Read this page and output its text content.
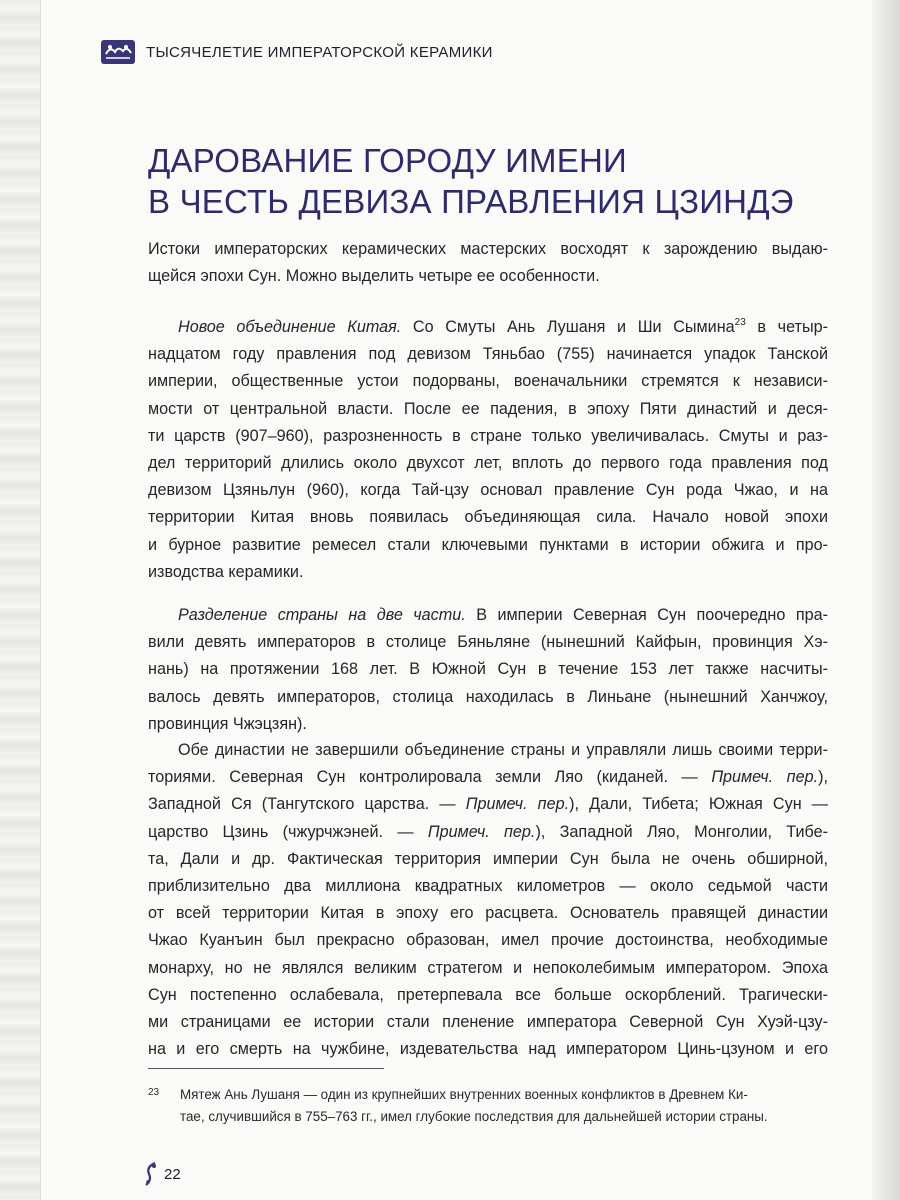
ТЫСЯЧЕЛЕТИЕ ИМПЕРАТОРСКОЙ КЕРАМИКИ
ДАРОВАНИЕ ГОРОДУ ИМЕНИ
В ЧЕСТЬ ДЕВИЗА ПРАВЛЕНИЯ ЦЗИНДЭ
Истоки императорских керамических мастерских восходят к зарождению выдаю-
щейся эпохи Сун. Можно выделить четыре ее особенности.
Новое объединение Китая. Со Смуты Ань Лушаня и Ши Сымина$^{23}$ в четыр-
надцатом году правления под девизом Тяньбао (755) начинается упадок Танской
империи, общественные устои подорваны, военачальники стремятся к независи-
мости от центральной власти. После ее падения, в эпоху Пяти династий и деся-
ти царств (907–960), разрозненность в стране только увеличивалась. Смуты и раз-
дел территорий длились около двухсот лет, вплоть до первого года правления под
девизом Цзяньлун (960), когда Тай-цзу основал правление Сун рода Чжао, и на
территории Китая вновь появилась объединяющая сила. Начало новой эпохи
и бурное развитие ремесел стали ключевыми пунктами в истории обжига и про-
изводства керамики.
Разделение страны на две части. В империи Северная Сун поочередно пра-
вили девять императоров в столице Бяньляне (нынешний Кайфын, провинция Хэ-
нань) на протяжении 168 лет. В Южной Сун в течение 153 лет также насчиты-
валось девять императоров, столица находилась в Линьане (нынешний Ханчжоу,
провинция Чжэцзян).
Обе династии не завершили объединение страны и управляли лишь своими терри-
ториями. Северная Сун контролировала земли Ляо (киданей. — Примеч. пер.),
Западной Ся (Тангутского царства. — Примеч. пер.), Дали, Тибета; Южная Сун —
царство Цзинь (чжурчжэней. — Примеч. пер.), Западной Ляо, Монголии, Тибе-
та, Дали и др. Фактическая территория империи Сун была не очень обширной,
приблизительно два миллиона квадратных километров — около седьмой части
от всей территории Китая в эпоху его расцвета. Основатель правящей династии
Чжао Куанъин был прекрасно образован, имел прочие достоинства, необходимые
монарху, но не являлся великим стратегом и непоколебимым императором. Эпоха
Сун постепенно ослабевала, претерпевала все больше оскорблений. Трагически-
ми страницами ее истории стали пленение императора Северной Сун Хуэй-цзу-
на и его смерть на чужбине, издевательства над императором Цинь-цзуном и его
23 Мятеж Ань Лушаня — один из крупнейших внутренних военных конфликтов в Древнем Ки-
тае, случившийся в 755–763 гг., имел глубокие последствия для дальнейшей истории страны.
22
